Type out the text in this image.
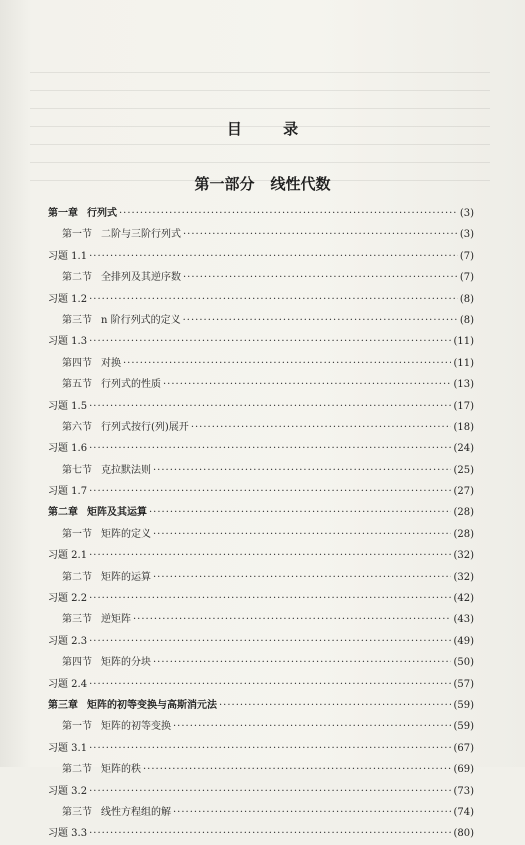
目 录
第一部分 线性代数
第一章 行列式 ·····	(3)
第一节 二阶与三阶行列式 ·····	(3)
习题 1.1 ·····	(7)
第二节 全排列及其逆序数 ·····	(7)
习题 1.2 ·····	(8)
第三节 n 阶行列式的定义 ·····	(8)
习题 1.3 ·····	(11)
第四节 对换 ·····	(11)
第五节 行列式的性质 ·····	(13)
习题 1.5 ·····	(17)
第六节 行列式按行(列)展开 ·····	(18)
习题 1.6 ·····	(24)
第七节 克拉默法则 ·····	(25)
习题 1.7 ·····	(27)
第二章 矩阵及其运算 ·····	(28)
第一节 矩阵的定义 ·····	(28)
习题 2.1 ·····	(32)
第二节 矩阵的运算 ·····	(32)
习题 2.2 ·····	(42)
第三节 逆矩阵 ·····	(43)
习题 2.3 ·····	(49)
第四节 矩阵的分块 ·····	(50)
习题 2.4 ·····	(57)
第三章 矩阵的初等变换与高斯消元法 ·····	(59)
第一节 矩阵的初等变换 ·····	(59)
习题 3.1 ·····	(67)
第二节 矩阵的秩 ·····	(69)
习题 3.2 ·····	(73)
第三节 线性方程组的解 ·····	(74)
习题 3.3 ·····	(80)
